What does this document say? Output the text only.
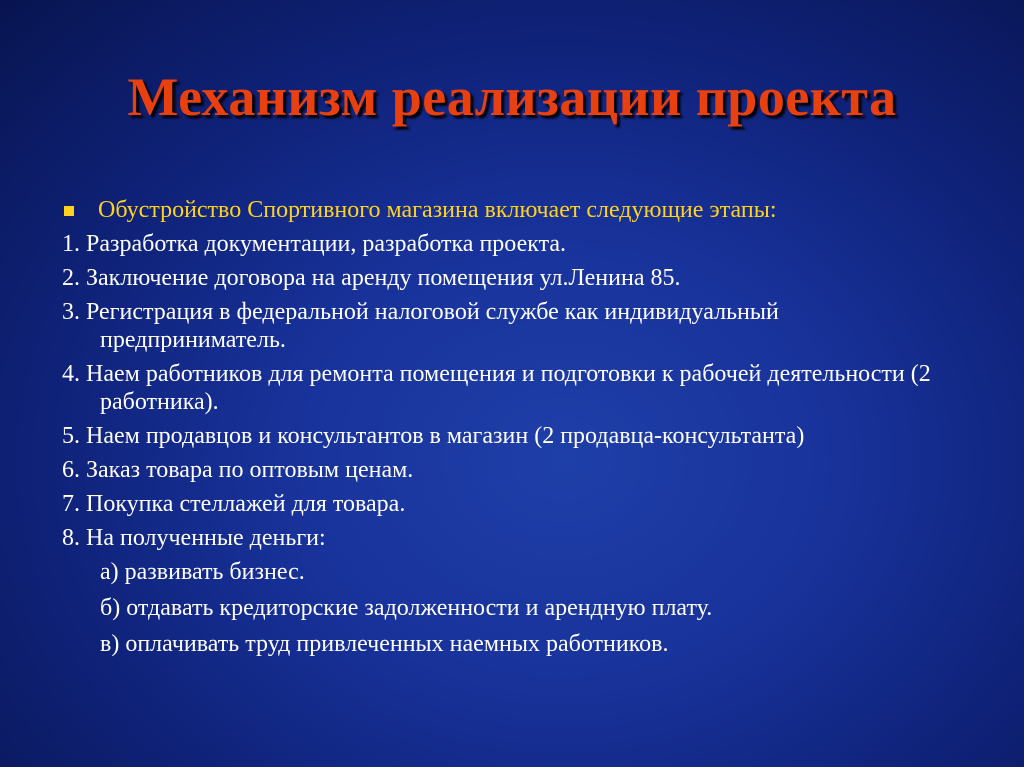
Механизм реализации проекта
Обустройство Спортивного магазина включает следующие этапы:
1. Разработка документации, разработка проекта.
2. Заключение договора на аренду помещения ул.Ленина 85.
3. Регистрация в федеральной налоговой службе как индивидуальный предприниматель.
4. Наем работников для ремонта помещения и подготовки к рабочей деятельности (2 работника).
5. Наем продавцов и консультантов в магазин (2 продавца-консультанта)
6. Заказ товара по оптовым ценам.
7. Покупка стеллажей для товара.
8. На полученные деньги:
а) развивать бизнес.
б) отдавать кредиторские задолженности и арендную плату.
в) оплачивать труд привлеченных наемных работников.
